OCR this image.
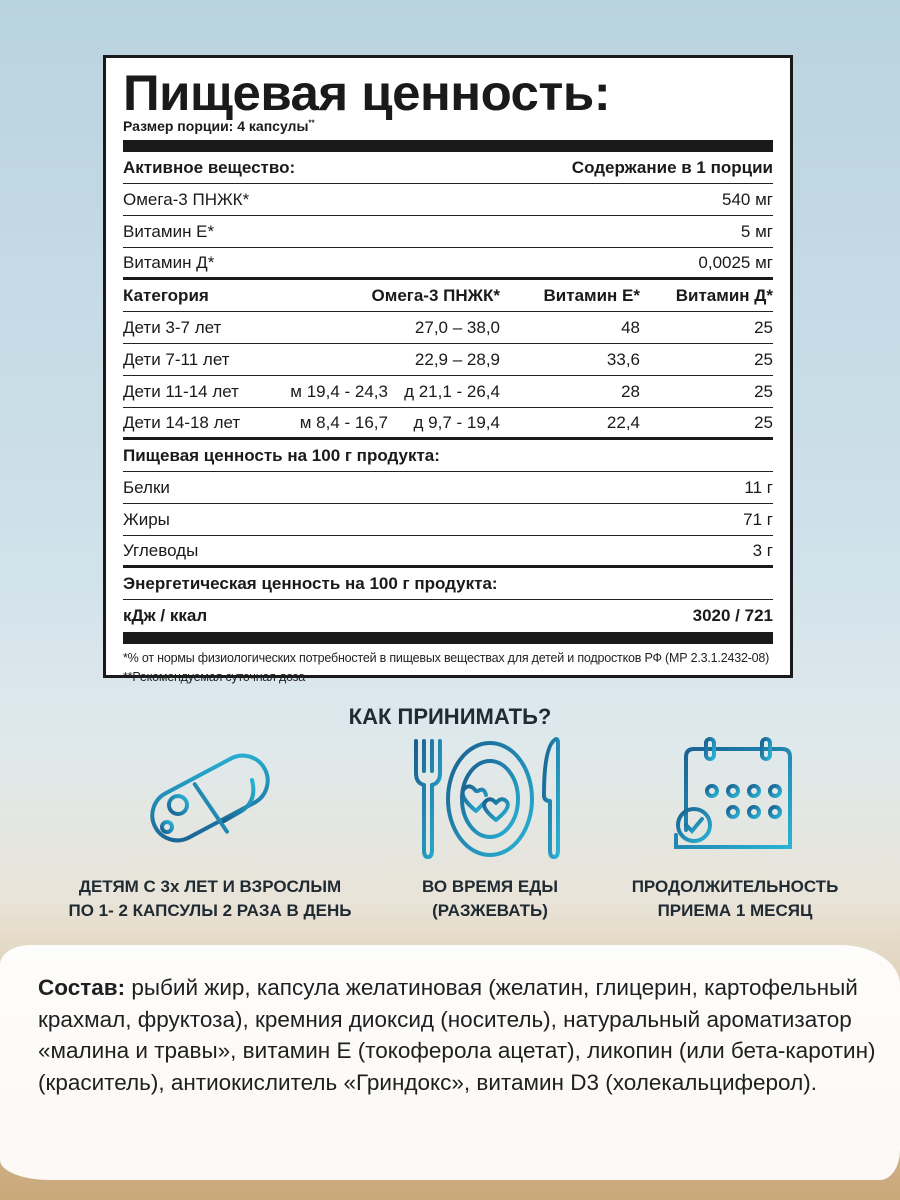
Пищевая ценность:
Размер порции: 4 капсулы**
Активное вещество:	Содержание в 1 порции
Омега-3 ПНЖК*	540 мг
Витамин Е*	5 мг
Витамин Д*	0,0025 мг
Категория	Омега-3 ПНЖК*	Витамин Е*	Витамин Д*
Дети 3-7 лет	27,0 – 38,0	48	25
Дети 7-11 лет	22,9 – 28,9	33,6	25
Дети 11-14 лет	м 19,4 - 24,3 д 21,1 - 26,4	28	25
Дети 14-18 лет	м 8,4 - 16,7 д 9,7 - 19,4	22,4	25
Пищевая ценность на 100 г продукта:
Белки	11 г
Жиры	71 г
Углеводы	3 г
Энергетическая ценность на 100 г продукта:
кДж / ккал	3020 / 721
*% от нормы физиологических потребностей в пищевых веществах для детей и подростков РФ (МР 2.3.1.2432-08)
**Рекомендуемая суточная доза
КАК ПРИНИМАТЬ?
ДЕТЯМ С 3х ЛЕТ И ВЗРОСЛЫМ
ПО 1- 2 КАПСУЛЫ 2 РАЗА В ДЕНЬ
ВО ВРЕМЯ ЕДЫ
(РАЗЖЕВАТЬ)
ПРОДОЛЖИТЕЛЬНОСТЬ
ПРИЕМА 1 МЕСЯЦ
Состав: рыбий жир, капсула желатиновая (желатин, глицерин, картофельный крахмал, фруктоза), кремния диоксид (носитель), натуральный ароматизатор «малина и травы», витамин Е (токоферола ацетат), ликопин (или бета-каротин) (краситель), антиокислитель «Гриндокс», витамин D3 (холекальциферол).
